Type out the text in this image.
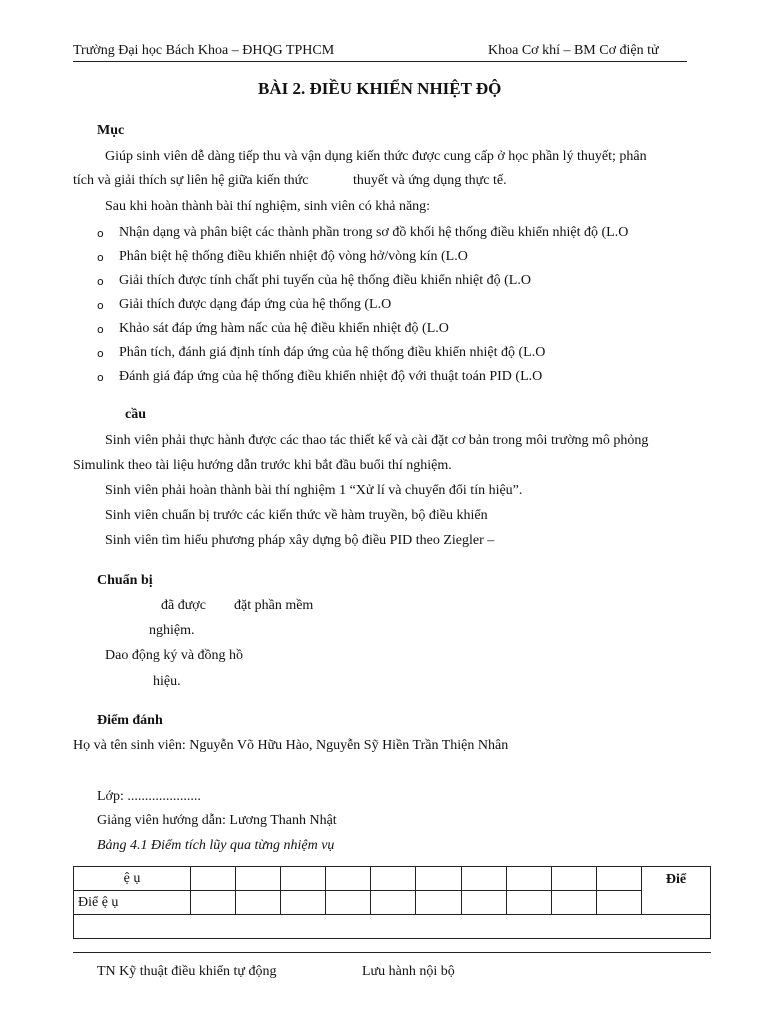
Trường Đại học Bách Khoa – ĐHQG TPHCM	Khoa Cơ khí – BM Cơ điện tử
BÀI 2. ĐIỀU KHIỂN NHIỆT ĐỘ
Mục
Giúp sinh viên dễ dàng tiếp thu và vận dụng kiến thức được cung cấp ở học phần lý thuyết; phân
tích và giải thích sự liên hệ giữa kiến thức	thuyết và ứng dụng thực tế.
Sau khi hoàn thành bài thí nghiệm, sinh viên có khả năng:
o Nhận dạng và phân biệt các thành phần trong sơ đồ khối hệ thống điều khiển nhiệt độ (L.O
o Phân biệt hệ thống điều khiển nhiệt độ vòng hở/vòng kín (L.O
o Giải thích được tính chất phi tuyến của hệ thống điều khiển nhiệt độ (L.O
o Giải thích được dạng đáp ứng của hệ thống (L.O
o Khảo sát đáp ứng hàm nấc của hệ điều khiển nhiệt độ (L.O
o Phân tích, đánh giá định tính đáp ứng của hệ thống điều khiển nhiệt độ (L.O
o Đánh giá đáp ứng của hệ thống điều khiển nhiệt độ với thuật toán PID (L.O
cầu
Sinh viên phải thực hành được các thao tác thiết kế và cài đặt cơ bản trong môi trường mô phỏng
Simulink theo tài liệu hướng dẫn trước khi bắt đầu buổi thí nghiệm.
Sinh viên phải hoàn thành bài thí nghiệm 1 “Xử lí và chuyển đổi tín hiệu”.
Sinh viên chuẩn bị trước các kiến thức về hàm truyền, bộ điều khiển
Sinh viên tìm hiểu phương pháp xây dựng bộ điều PID theo Ziegler –
Chuẩn bị
đã được đặt phần mềm
nghiệm.
Dao động ký và đồng hồ
hiệu.
Điểm đánh
Họ và tên sinh viên: Nguyễn Võ Hữu Hào, Nguyễn Sỹ Hiền Trần Thiện Nhân
Lớp: .....................
Giảng viên hướng dẫn: Lương Thanh Nhật
Bảng 4.1 Điểm tích lũy qua từng nhiệm vụ
ệ ụ											Điể
Điể ệ ụ											

TN Kỹ thuật điều khiển tự động	Lưu hành nội bộ
